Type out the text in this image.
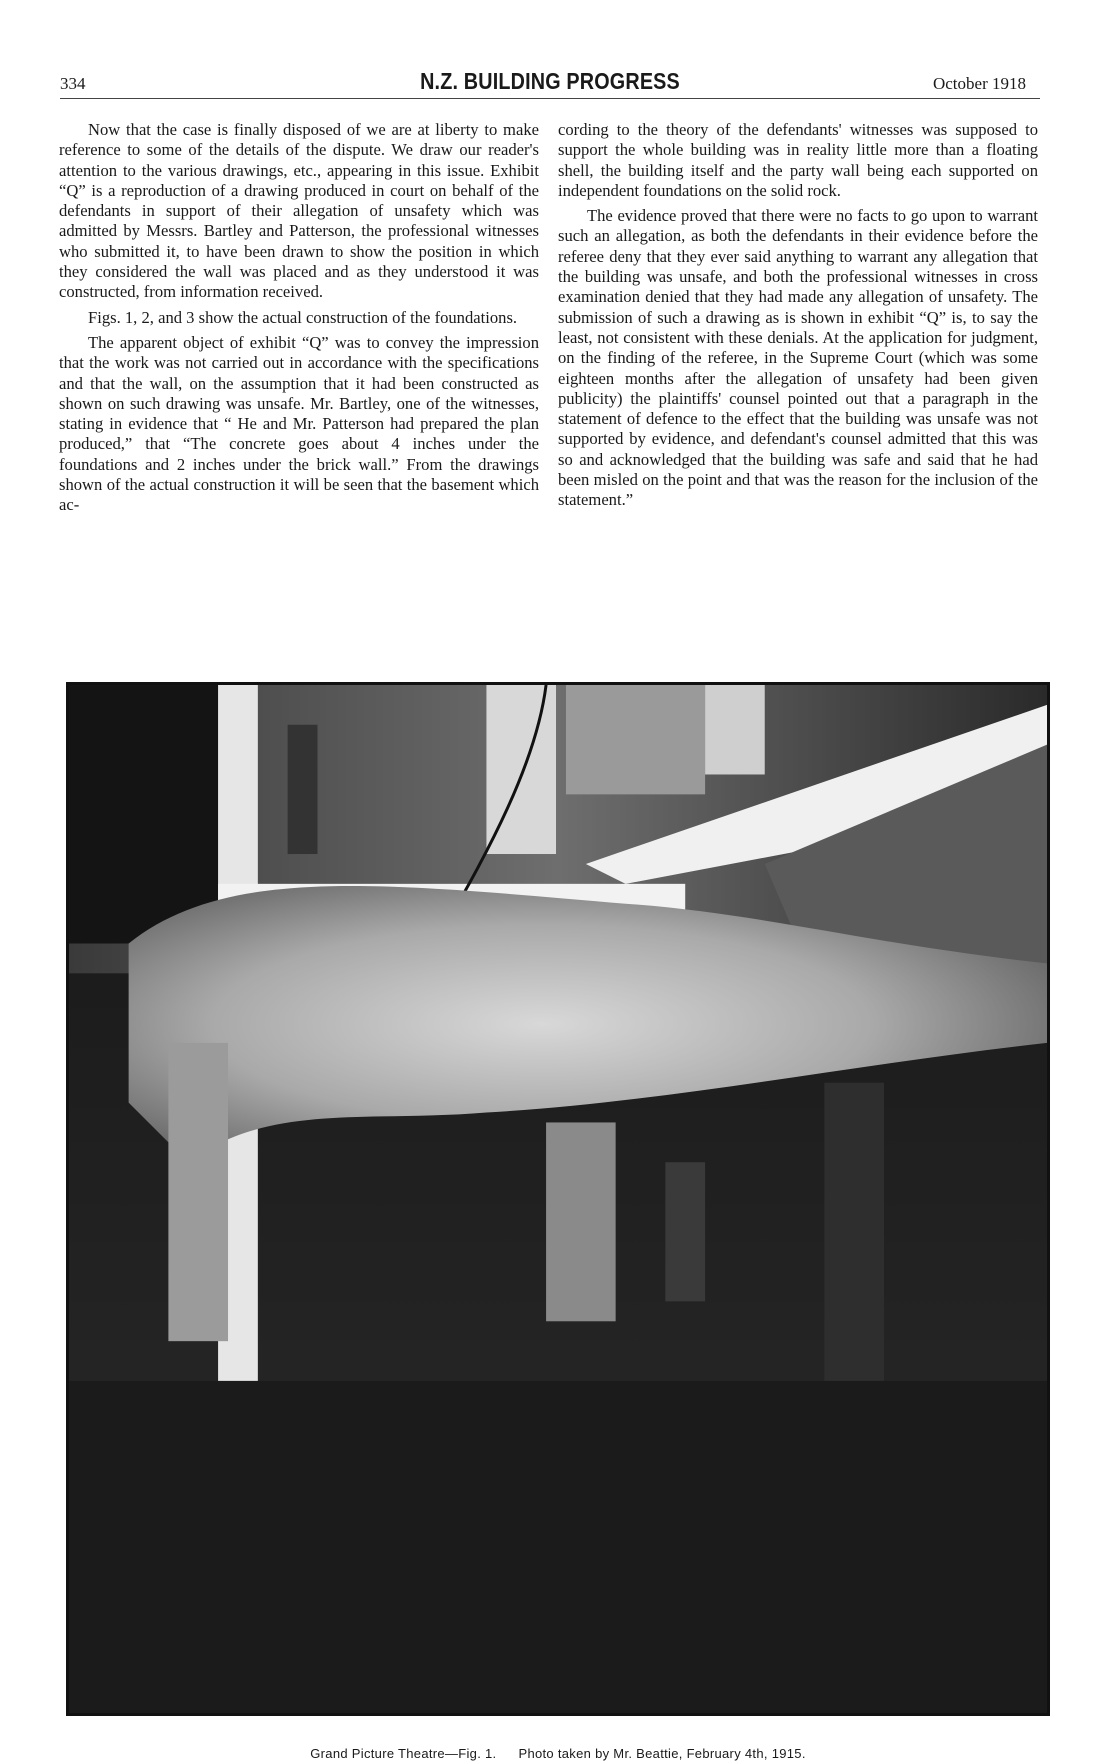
334	N.Z. BUILDING PROGRESS	October 1918

Now that the case is finally disposed of we are at liberty to make reference to some of the details of the dispute. We draw our reader's attention to the various drawings, etc., appearing in this issue. Exhibit “Q” is a reproduction of a drawing produced in court on behalf of the defendants in support of their allegation of unsafety which was admitted by Messrs. Bartley and Patterson, the professional witnesses who submitted it, to have been drawn to show the position in which they considered the wall was placed and as they understood it was constructed, from information received.

Figs. 1, 2, and 3 show the actual construction of the foundations.

The apparent object of exhibit “Q” was to convey the impression that the work was not carried out in accordance with the specifications and that the wall, on the assumption that it had been constructed as shown on such drawing was unsafe. Mr. Bartley, one of the witnesses, stating in evidence that “ He and Mr. Patterson had prepared the plan produced,” that “The concrete goes about 4 inches under the foundations and 2 inches under the brick wall.” From the drawings shown of the actual construction it will be seen that the basement which ac-

cording to the theory of the defendants' witnesses was supposed to support the whole building was in reality little more than a floating shell, the building itself and the party wall being each supported on independent foundations on the solid rock.

The evidence proved that there were no facts to go upon to warrant such an allegation, as both the defendants in their evidence before the referee deny that they ever said anything to warrant any allegation that the building was unsafe, and both the professional witnesses in cross examination denied that they had made any allegation of unsafety. The submission of such a drawing as is shown in exhibit “Q” is, to say the least, not consistent with these denials. At the application for judgment, on the finding of the referee, in the Supreme Court (which was some eighteen months after the allegation of unsafety had been given publicity) the plaintiffs' counsel pointed out that a paragraph in the statement of defence to the effect that the building was unsafe was not supported by evidence, and defendant's counsel admitted that this was so and acknowledged that the building was safe and said that he had been misled on the point and that was the reason for the inclusion of the statement.”

Grand Picture Theatre—Fig. 1. Photo taken by Mr. Beattie, February 4th, 1915.
